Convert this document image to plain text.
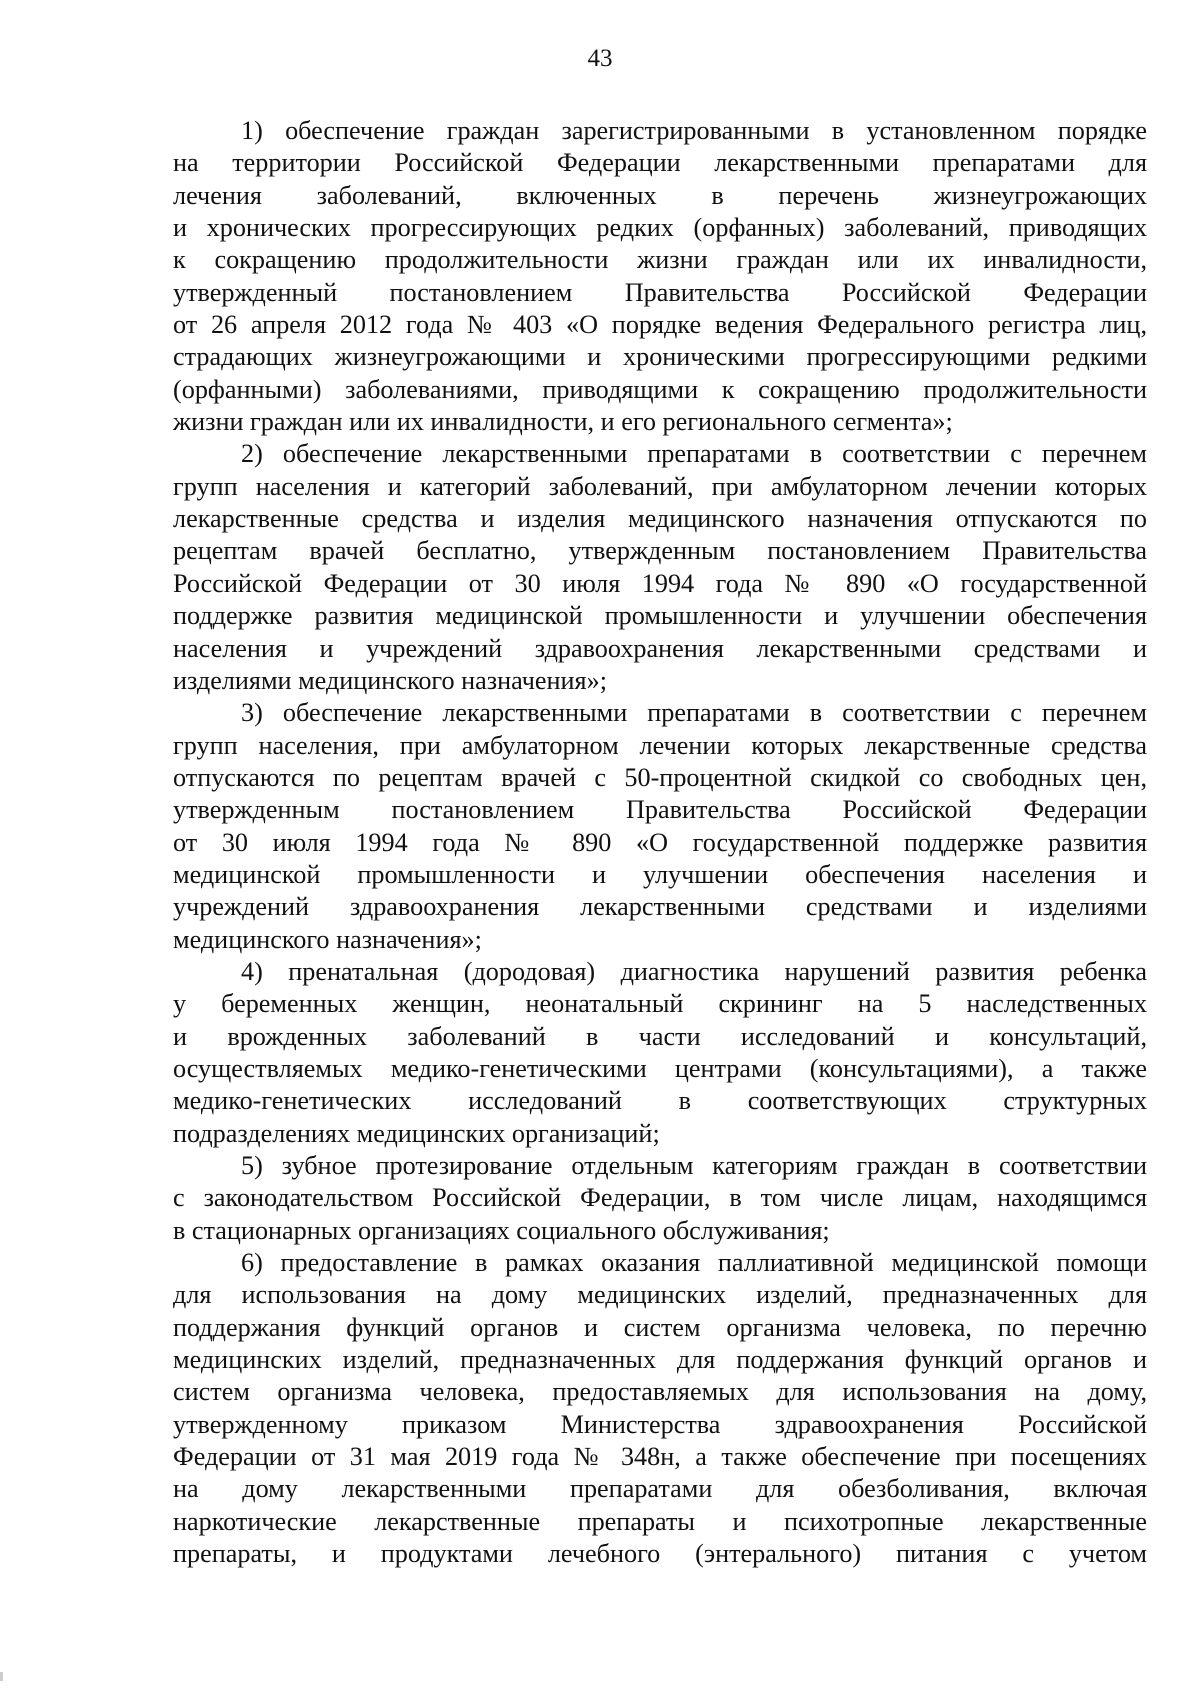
43

1) обеспечение граждан зарегистрированными в установленном порядке
на территории Российской Федерации лекарственными препаратами для
лечения заболеваний, включенных в перечень жизнеугрожающих
и хронических прогрессирующих редких (орфанных) заболеваний, приводящих
к сокращению продолжительности жизни граждан или их инвалидности,
утвержденный постановлением Правительства Российской Федерации
от 26 апреля 2012 года № 403 «О порядке ведения Федерального регистра лиц,
страдающих жизнеугрожающими и хроническими прогрессирующими редкими
(орфанными) заболеваниями, приводящими к сокращению продолжительности
жизни граждан или их инвалидности, и его регионального сегмента»;

2) обеспечение лекарственными препаратами в соответствии с перечнем
групп населения и категорий заболеваний, при амбулаторном лечении которых
лекарственные средства и изделия медицинского назначения отпускаются по
рецептам врачей бесплатно, утвержденным постановлением Правительства
Российской Федерации от 30 июля 1994 года № 890 «О государственной
поддержке развития медицинской промышленности и улучшении обеспечения
населения и учреждений здравоохранения лекарственными средствами и
изделиями медицинского назначения»;

3) обеспечение лекарственными препаратами в соответствии с перечнем
групп населения, при амбулаторном лечении которых лекарственные средства
отпускаются по рецептам врачей с 50-процентной скидкой со свободных цен,
утвержденным постановлением Правительства Российской Федерации
от 30 июля 1994 года № 890 «О государственной поддержке развития
медицинской промышленности и улучшении обеспечения населения и
учреждений здравоохранения лекарственными средствами и изделиями
медицинского назначения»;

4) пренатальная (дородовая) диагностика нарушений развития ребенка
у беременных женщин, неонатальный скрининг на 5 наследственных
и врожденных заболеваний в части исследований и консультаций,
осуществляемых медико-генетическими центрами (консультациями), а также
медико-генетических исследований в соответствующих структурных
подразделениях медицинских организаций;

5) зубное протезирование отдельным категориям граждан в соответствии
с законодательством Российской Федерации, в том числе лицам, находящимся
в стационарных организациях социального обслуживания;

6) предоставление в рамках оказания паллиативной медицинской помощи
для использования на дому медицинских изделий, предназначенных для
поддержания функций органов и систем организма человека, по перечню
медицинских изделий, предназначенных для поддержания функций органов и
систем организма человека, предоставляемых для использования на дому,
утвержденному приказом Министерства здравоохранения Российской
Федерации от 31 мая 2019 года № 348н, а также обеспечение при посещениях
на дому лекарственными препаратами для обезболивания, включая
наркотические лекарственные препараты и психотропные лекарственные
препараты, и продуктами лечебного (энтерального) питания с учетом
